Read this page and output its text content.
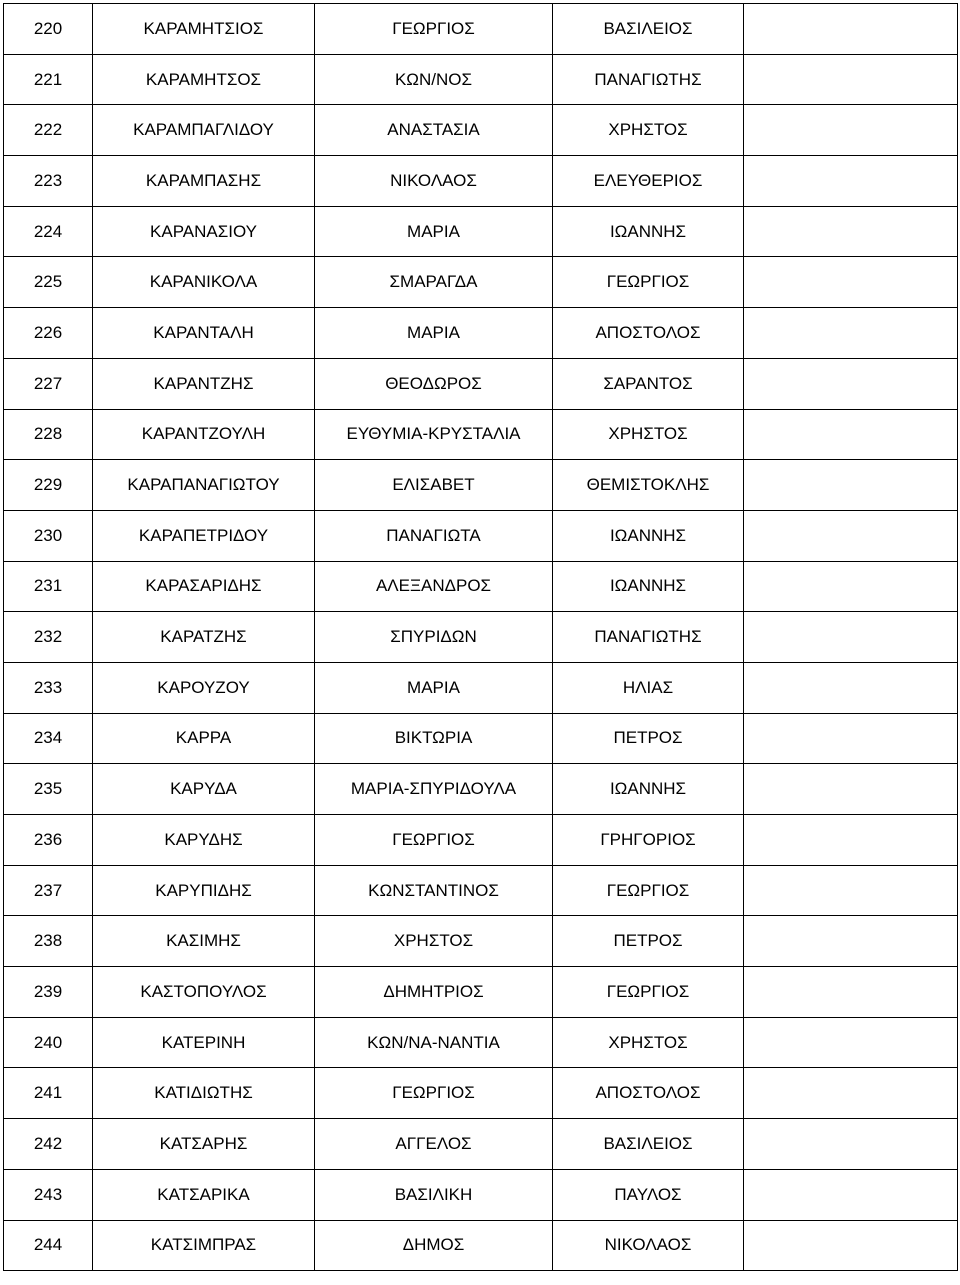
220	ΚΑΡΑΜΗΤΣΙΟΣ	ΓΕΩΡΓΙΟΣ	ΒΑΣΙΛΕΙΟΣ	
221	ΚΑΡΑΜΗΤΣΟΣ	ΚΩΝ/ΝΟΣ	ΠΑΝΑΓΙΩΤΗΣ	
222	ΚΑΡΑΜΠΑΓΛΙΔΟΥ	ΑΝΑΣΤΑΣΙΑ	ΧΡΗΣΤΟΣ	
223	ΚΑΡΑΜΠΑΣΗΣ	ΝΙΚΟΛΑΟΣ	ΕΛΕΥΘΕΡΙΟΣ	
224	ΚΑΡΑΝΑΣΙΟΥ	ΜΑΡΙΑ	ΙΩΑΝΝΗΣ	
225	ΚΑΡΑΝΙΚΟΛΑ	ΣΜΑΡΑΓΔΑ	ΓΕΩΡΓΙΟΣ	
226	ΚΑΡΑΝΤΑΛΗ	ΜΑΡΙΑ	ΑΠΟΣΤΟΛΟΣ	
227	ΚΑΡΑΝΤΖΗΣ	ΘΕΟΔΩΡΟΣ	ΣΑΡΑΝΤΟΣ	
228	ΚΑΡΑΝΤΖΟΥΛΗ	ΕΥΘΥΜΙΑ-ΚΡΥΣΤΑΛΙΑ	ΧΡΗΣΤΟΣ	
229	ΚΑΡΑΠΑΝΑΓΙΩΤΟΥ	ΕΛΙΣΑΒΕΤ	ΘΕΜΙΣΤΟΚΛΗΣ	
230	ΚΑΡΑΠΕΤΡΙΔΟΥ	ΠΑΝΑΓΙΩΤΑ	ΙΩΑΝΝΗΣ	
231	ΚΑΡΑΣΑΡΙΔΗΣ	ΑΛΕΞΑΝΔΡΟΣ	ΙΩΑΝΝΗΣ	
232	ΚΑΡΑΤΖΗΣ	ΣΠΥΡΙΔΩΝ	ΠΑΝΑΓΙΩΤΗΣ	
233	ΚΑΡΟΥΖΟΥ	ΜΑΡΙΑ	ΗΛΙΑΣ	
234	ΚΑΡΡΑ	ΒΙΚΤΩΡΙΑ	ΠΕΤΡΟΣ	
235	ΚΑΡΥΔΑ	ΜΑΡΙΑ-ΣΠΥΡΙΔΟΥΛΑ	ΙΩΑΝΝΗΣ	
236	ΚΑΡΥΔΗΣ	ΓΕΩΡΓΙΟΣ	ΓΡΗΓΟΡΙΟΣ	
237	ΚΑΡΥΠΙΔΗΣ	ΚΩΝΣΤΑΝΤΙΝΟΣ	ΓΕΩΡΓΙΟΣ	
238	ΚΑΣΙΜΗΣ	ΧΡΗΣΤΟΣ	ΠΕΤΡΟΣ	
239	ΚΑΣΤΟΠΟΥΛΟΣ	ΔΗΜΗΤΡΙΟΣ	ΓΕΩΡΓΙΟΣ	
240	ΚΑΤΕΡΙΝΗ	ΚΩΝ/ΝΑ-ΝΑΝΤΙΑ	ΧΡΗΣΤΟΣ	
241	ΚΑΤΙΔΙΩΤΗΣ	ΓΕΩΡΓΙΟΣ	ΑΠΟΣΤΟΛΟΣ	
242	ΚΑΤΣΑΡΗΣ	ΑΓΓΕΛΟΣ	ΒΑΣΙΛΕΙΟΣ	
243	ΚΑΤΣΑΡΙΚΑ	ΒΑΣΙΛΙΚΗ	ΠΑΥΛΟΣ	
244	ΚΑΤΣΙΜΠΡΑΣ	ΔΗΜΟΣ	ΝΙΚΟΛΑΟΣ	
